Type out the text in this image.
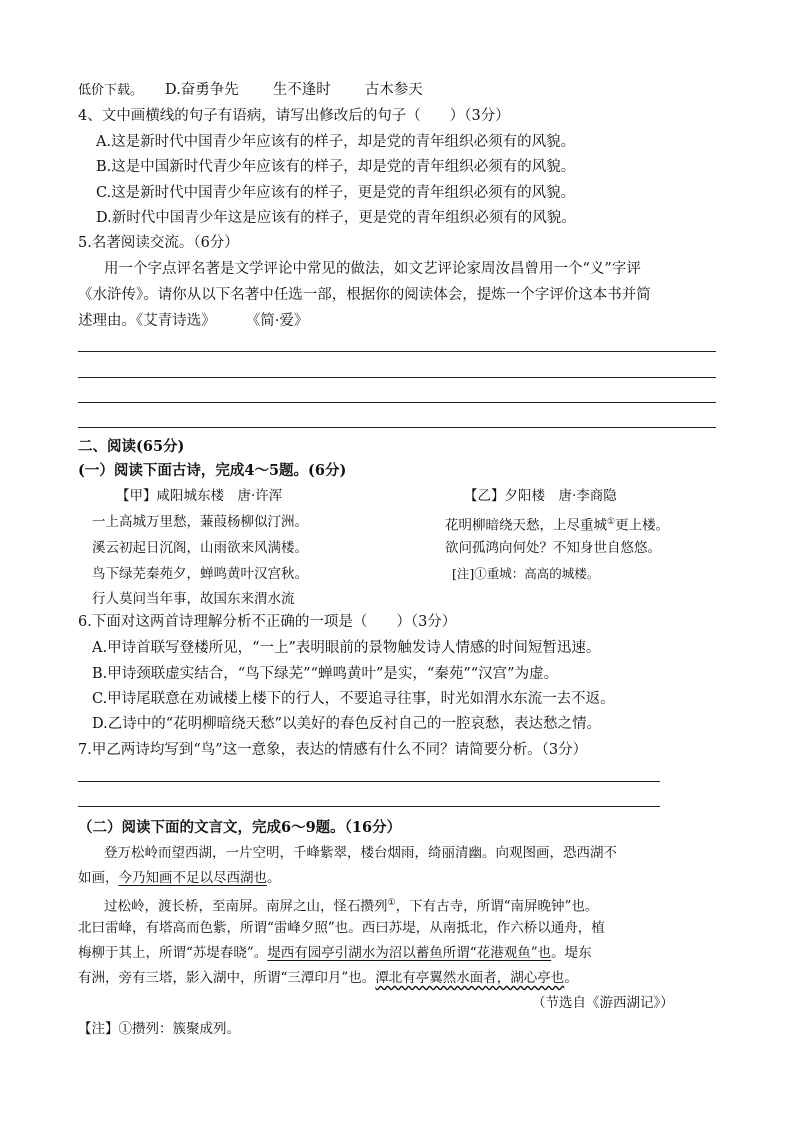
低价下载。 D.奋勇争先 生不逢时 古木参天
4、文中画横线的句子有语病，请写出修改后的句子（　　）（3分）
A.这是新时代中国青少年应该有的样子，却是党的青年组织必须有的风貌。
B.这是中国新时代青少年应该有的样子，却是党的青年组织必须有的风貌。
C.这是新时代中国青少年应该有的样子，更是党的青年组织必须有的风貌。
D.新时代中国青少年这是应该有的样子，更是党的青年组织必须有的风貌。
5.名著阅读交流。（6分）
用一个字点评名著是文学评论中常见的做法，如文艺评论家周汝昌曾用一个“义”字评
《水浒传》。请你从以下名著中任选一部，根据你的阅读体会，提炼一个字评价这本书并简
述理由。《艾青诗选》 《简·爱》
二、阅读(65分)
(一）阅读下面古诗，完成4～5题。(6分)
【甲】咸阳城东楼　唐·许浑
一上高城万里愁，蒹葭杨柳似汀洲。
溪云初起日沉阁，山雨欲来风满楼。
鸟下绿芜秦苑夕，蝉鸣黄叶汉宫秋。
行人莫问当年事，故国东来渭水流
【乙】夕阳楼　唐·李商隐
花明柳暗绕天愁，上尽重城①更上楼。
欲问孤鸿向何处？不知身世自悠悠。
[注]①重城：高高的城楼。
6.下面对这两首诗理解分析不正确的一项是（　　）（3分）
A.甲诗首联写登楼所见，“一上”表明眼前的景物触发诗人情感的时间短暂迅速。
B.甲诗颈联虚实结合，“鸟下绿芜”“蝉鸣黄叶”是实，“秦苑”“汉宫”为虚。
C.甲诗尾联意在劝诫楼上楼下的行人，不要追寻往事，时光如渭水东流一去不返。
D.乙诗中的“花明柳暗绕天愁”以美好的春色反衬自己的一腔哀愁，表达愁之情。
7.甲乙两诗均写到“鸟”这一意象，表达的情感有什么不同？请简要分析。（3分）
（二）阅读下面的文言文，完成6～9题。（16分）
登万松岭而望西湖，一片空明，千峰紫翠，楼台烟雨，绮丽清幽。向观图画，恐西湖不
如画，今乃知画不足以尽西湖也。
过松岭，渡长桥，至南屏。南屏之山，怪石攒列①，下有古寺，所谓“南屏晚钟”也。
北曰雷峰，有塔高而色紫，所谓“雷峰夕照”也。西曰苏堤，从南抵北，作六桥以通舟，植
梅柳于其上，所谓“苏堤春晓”。堤西有园亭引湖水为沼以蓄鱼所谓“花港观鱼”也。堤东
有洲，旁有三塔，影入湖中，所谓“三潭印月”也。潭北有亭翼然水面者，湖心亭也。
（节选自《游西湖记》）
【注】①攒列：簇聚成列。
